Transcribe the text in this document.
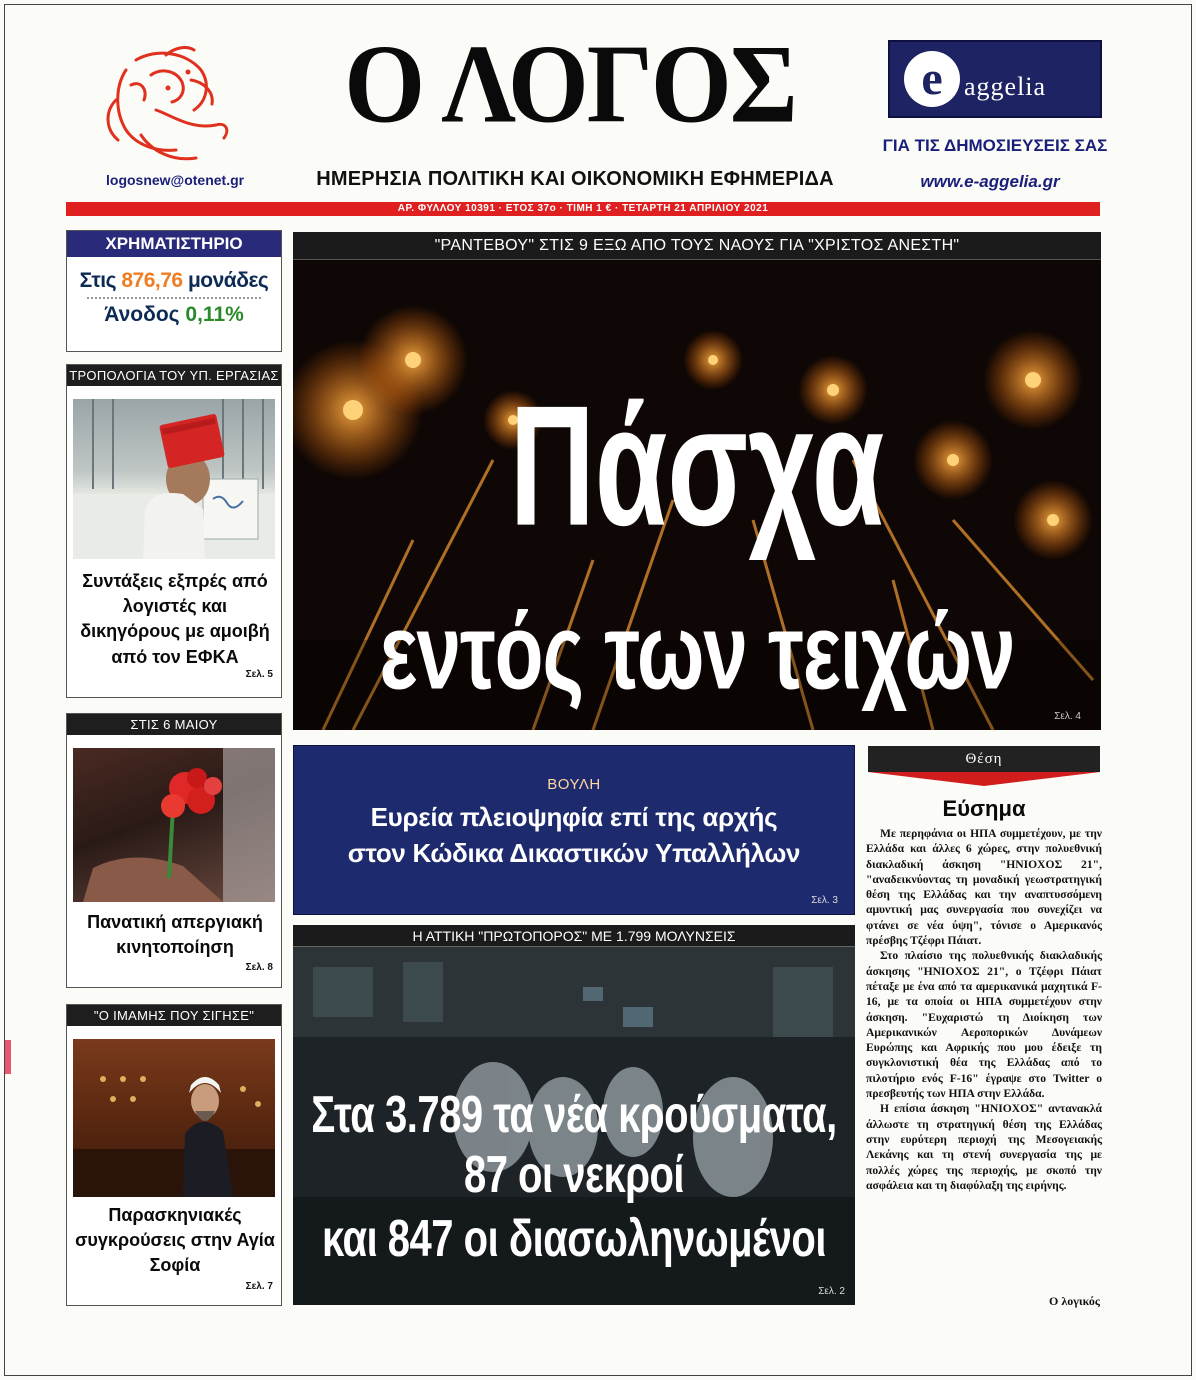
logosnew@otenet.gr
Ο ΛΟΓΟΣ
ΗΜΕΡΗΣΙΑ ΠΟΛΙΤΙΚΗ ΚΑΙ ΟΙΚΟΝΟΜΙΚΗ ΕΦΗΜΕΡΙΔΑ
e aggelia
ΓΙΑ ΤΙΣ ΔΗΜΟΣΙΕΥΣΕΙΣ ΣΑΣ
www.e-aggelia.gr
ΑΡ. ΦΥΛΛΟΥ 10391 · ΕΤΟΣ 37ο · ΤΙΜΗ 1 € · ΤΕΤΑΡΤΗ 21 ΑΠΡΙΛΙΟΥ 2021
ΧΡΗΜΑΤΙΣΤΗΡΙΟ
Στις 876,76 μονάδες
Άνοδος 0,11%
ΤΡΟΠΟΛΟΓΙΑ ΤΟΥ ΥΠ. ΕΡΓΑΣΙΑΣ
Συντάξεις εξπρές από λογιστές και δικηγόρους με αμοιβή από τον ΕΦΚΑ
Σελ. 5
ΣΤΙΣ 6 ΜΑΙΟΥ
Πανατική απεργιακή κινητοποίηση
Σελ. 8
"Ο ΙΜΑΜΗΣ ΠΟΥ ΣΙΓΗΣΕ"
Παρασκηνιακές συγκρούσεις στην Αγία Σοφία
Σελ. 7
"ΡΑΝΤΕΒΟΥ" ΣΤΙΣ 9 ΕΞΩ ΑΠΟ ΤΟΥΣ ΝΑΟΥΣ ΓΙΑ "ΧΡΙΣΤΟΣ ΑΝΕΣΤΗ"
Πάσχα
εντός των τειχών
Σελ. 4
ΒΟΥΛΗ
Ευρεία πλειοψηφία επί της αρχής
στον Κώδικα Δικαστικών Υπαλλήλων
Σελ. 3
Η ΑΤΤΙΚΗ "ΠΡΩΤΟΠΟΡΟΣ" ΜΕ 1.799 ΜΟΛΥΝΣΕΙΣ
Στα 3.789 τα νέα κρούσματα,
87 οι νεκροί
και 847 οι διασωληνωμένοι
Σελ. 2
Θέση
Εύσημα

Με περηφάνια οι ΗΠΑ συμμετέχουν, με την Ελλάδα και άλλες 6 χώρες, στην πολυεθνική διακλαδική άσκηση "ΗΝΙΟΧΟΣ 21", "αναδεικνύοντας τη μοναδική γεωστρατηγική θέση της Ελλάδας και την αναπτυσσόμενη αμυντική μας συνεργασία που συνεχίζει να φτάνει σε νέα ύψη", τόνισε ο Αμερικανός πρέσβης Τζέφρι Πάιατ.

Στο πλαίσιο της πολυεθνικής διακλαδικής άσκησης "ΗΝΙΟΧΟΣ 21", ο Τζέφρι Πάιατ πέταξε με ένα από τα αμερικανικά μαχητικά F-16, με τα οποία οι ΗΠΑ συμμετέχουν στην άσκηση. "Ευχαριστώ τη Διοίκηση των Αμερικανικών Αεροπορικών Δυνάμεων Ευρώπης και Αφρικής που μου έδειξε τη συγκλονιστική θέα της Ελλάδας από το πιλοτήριο ενός F-16" έγραψε στο Twitter ο πρεσβευτής των ΗΠΑ στην Ελλάδα.

Η επίσια άσκηση "ΗΝΙΟΧΟΣ" αντανακλά άλλωστε τη στρατηγική θέση της Ελλάδας στην ευρύτερη περιοχή της Μεσογειακής Λεκάνης και τη στενή συνεργασία της με πολλές χώρες της περιοχής, με σκοπό την ασφάλεια και τη διαφύλαξη της ειρήνης.

Ο λογικός
